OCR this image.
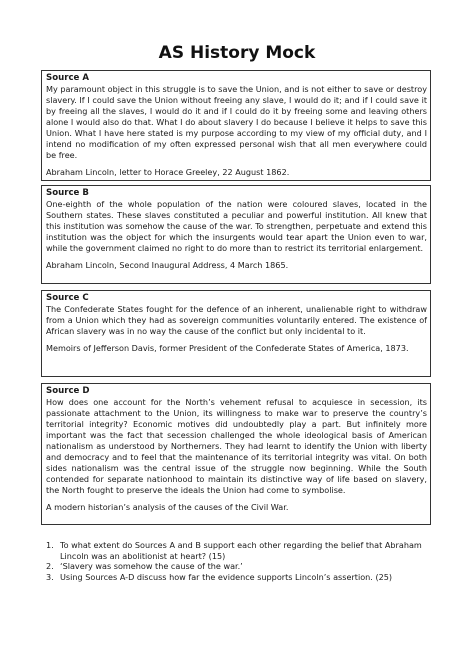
AS History Mock

Source A

My paramount object in this struggle is to save the Union, and is not either to save or destroy slavery. If I could save the Union without freeing any slave, I would do it; and if I could save it by freeing all the slaves, I would do it and if I could do it by freeing some and leaving others alone I would also do that. What I do about slavery I do because I believe it helps to save this Union. What I have here stated is my purpose according to my view of my official duty, and I intend no modification of my often expressed personal wish that all men everywhere could be free.

Abraham Lincoln, letter to Horace Greeley, 22 August 1862.

Source B

One-eighth of the whole population of the nation were coloured slaves, located in the Southern states. These slaves constituted a peculiar and powerful institution. All knew that this institution was somehow the cause of the war. To strengthen, perpetuate and extend this institution was the object for which the insurgents would tear apart the Union even to war, while the government claimed no right to do more than to restrict its territorial enlargement.

Abraham Lincoln, Second Inaugural Address, 4 March 1865.

Source C

The Confederate States fought for the defence of an inherent, unalienable right to withdraw from a Union which they had as sovereign communities voluntarily entered. The existence of African slavery was in no way the cause of the conflict but only incidental to it.

Memoirs of Jefferson Davis, former President of the Confederate States of America, 1873.

Source D

How does one account for the North’s vehement refusal to acquiesce in secession, its passionate attachment to the Union, its willingness to make war to preserve the country’s territorial integrity? Economic motives did undoubtedly play a part. But infinitely more important was the fact that secession challenged the whole ideological basis of American nationalism as understood by Northerners. They had learnt to identify the Union with liberty and democracy and to feel that the maintenance of its territorial integrity was vital. On both sides nationalism was the central issue of the struggle now beginning. While the South contended for separate nationhood to maintain its distinctive way of life based on slavery, the North fought to preserve the ideals the Union had come to symbolise.

A modern historian’s analysis of the causes of the Civil War.

1. To what extent do Sources A and B support each other regarding the belief that Abraham Lincoln was an abolitionist at heart? (15)
2. ‘Slavery was somehow the cause of the war.’
3. Using Sources A-D discuss how far the evidence supports Lincoln’s assertion. (25)
